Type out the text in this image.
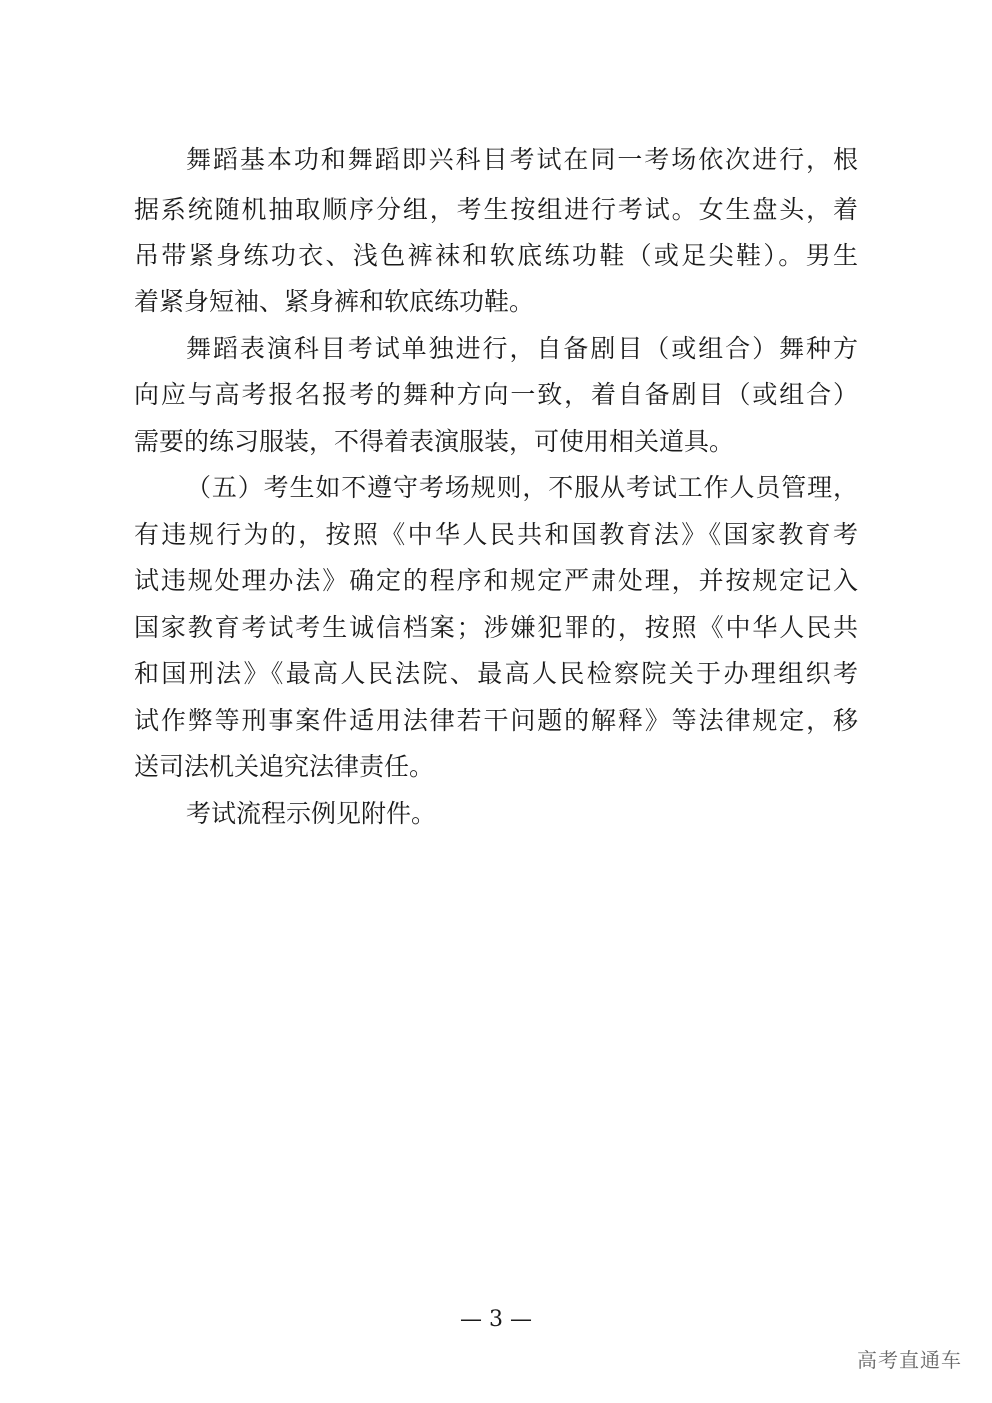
舞蹈基本功和舞蹈即兴科目考试在同一考场依次进行，根
据系统随机抽取顺序分组，考生按组进行考试。女生盘头，着
吊带紧身练功衣、浅色裤袜和软底练功鞋（或足尖鞋）。男生
着紧身短袖、紧身裤和软底练功鞋。
舞蹈表演科目考试单独进行，自备剧目（或组合）舞种方
向应与高考报名报考的舞种方向一致，着自备剧目（或组合）
需要的练习服装，不得着表演服装，可使用相关道具。
（五）考生如不遵守考场规则，不服从考试工作人员管理，
有违规行为的，按照《中华人民共和国教育法》《国家教育考
试违规处理办法》确定的程序和规定严肃处理，并按规定记入
国家教育考试考生诚信档案；涉嫌犯罪的，按照《中华人民共
和国刑法》《最高人民法院、最高人民检察院关于办理组织考
试作弊等刑事案件适用法律若干问题的解释》等法律规定，移
送司法机关追究法律责任。
考试流程示例见附件。
— 3 —
高考直通车
